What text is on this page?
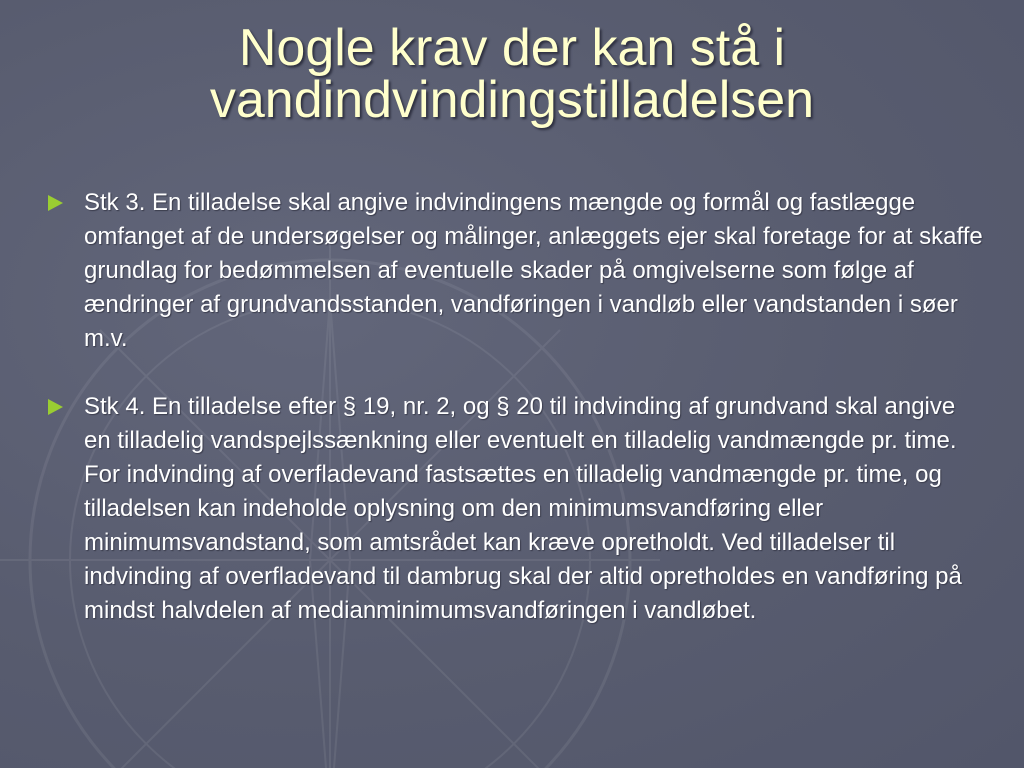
Nogle krav der kan stå i
vandindvindingstilladelsen
Stk 3. En tilladelse skal angive indvindingens mængde og formål og fastlægge omfanget af de undersøgelser og målinger, anlæggets ejer skal foretage for at skaffe grundlag for bedømmelsen af eventuelle skader på omgivelserne som følge af ændringer af grundvandsstanden, vandføringen i vandløb eller vandstanden i søer m.v.
Stk 4. En tilladelse efter § 19, nr. 2, og § 20 til indvinding af grundvand skal angive en tilladelig vandspejlssænkning eller eventuelt en tilladelig vandmængde pr. time. For indvinding af overfladevand fastsættes en tilladelig vandmængde pr. time, og tilladelsen kan indeholde oplysning om den minimumsvandføring eller minimumsvandstand, som amtsrådet kan kræve opretholdt. Ved tilladelser til indvinding af overfladevand til dambrug skal der altid opretholdes en vandføring på mindst halvdelen af medianminimumsvandføringen i vandløbet.
